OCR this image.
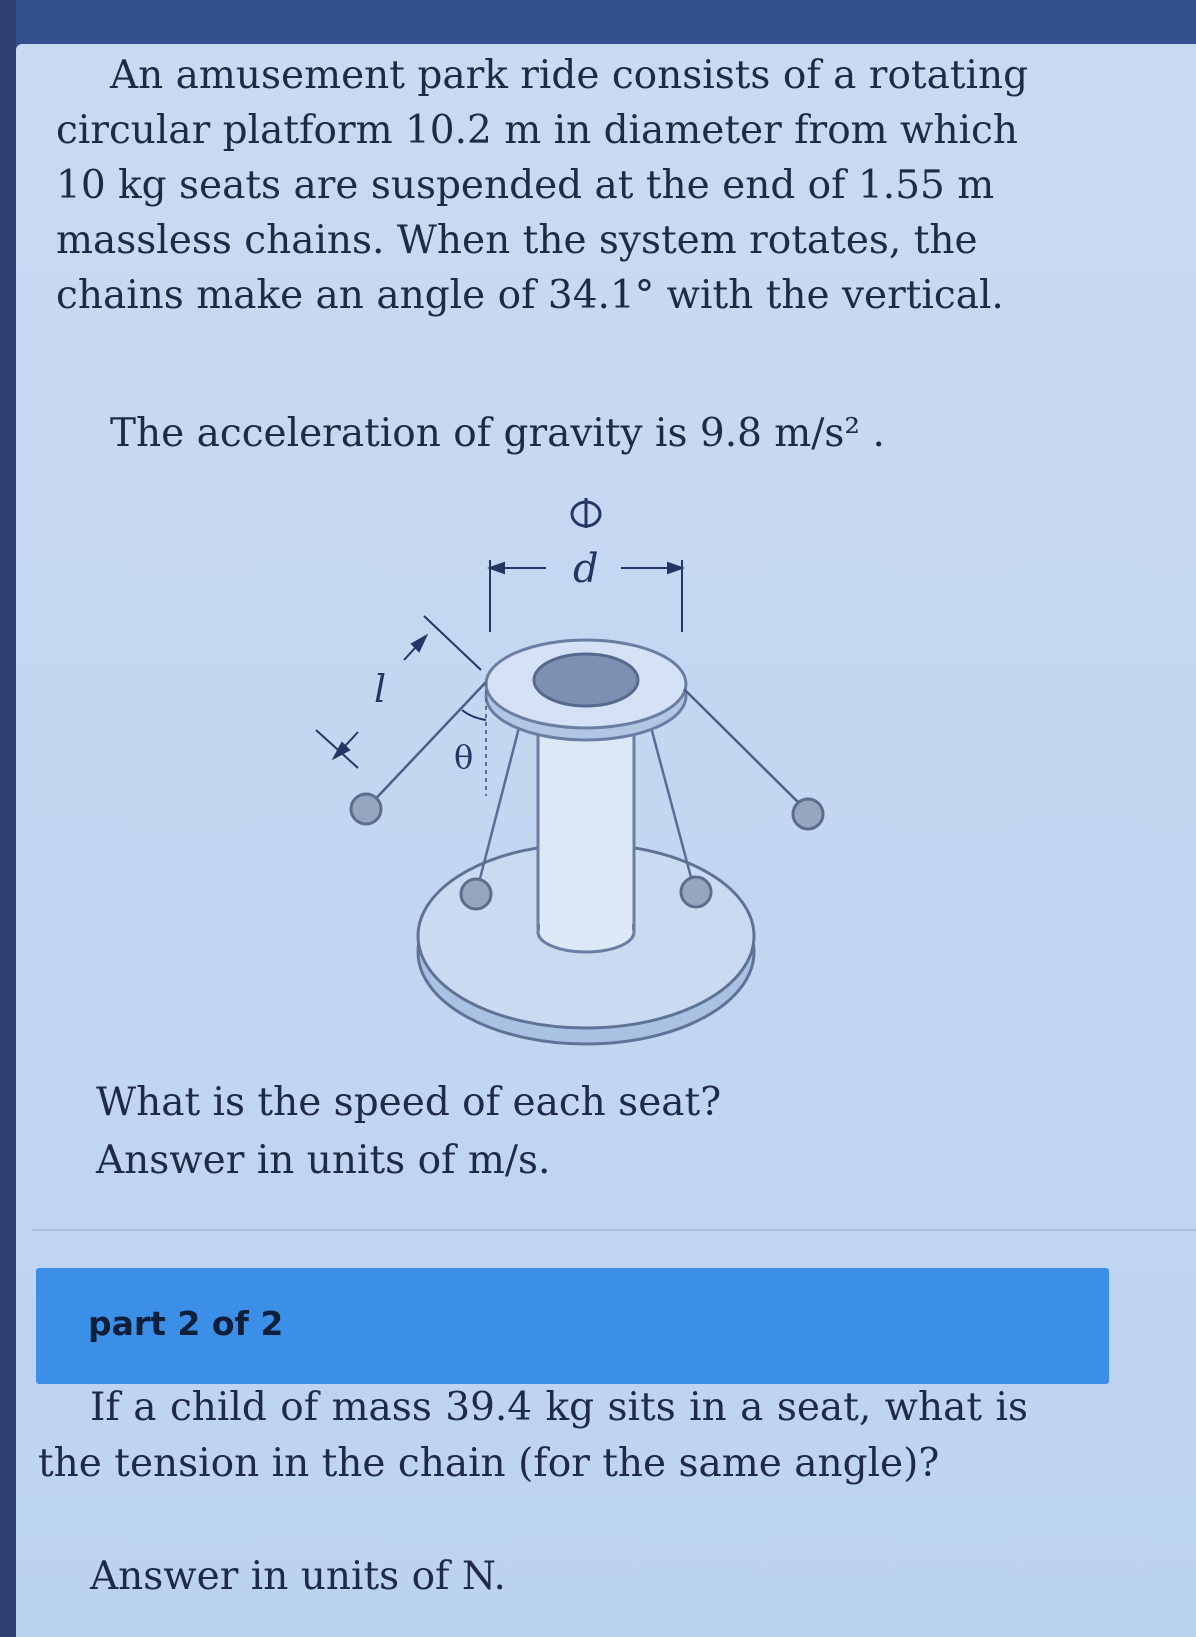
An amusement park ride consists of a rotating circular platform 10.2 m in diameter from which 10 kg seats are suspended at the end of 1.55 m massless chains. When the system rotates, the chains make an angle of 34.1° with the vertical.

The acceleration of gravity is 9.8 m/s² .

d
l
θ

What is the speed of each seat?
Answer in units of m/s.

part 2 of 2

If a child of mass 39.4 kg sits in a seat, what is the tension in the chain (for the same angle)?

Answer in units of N.
